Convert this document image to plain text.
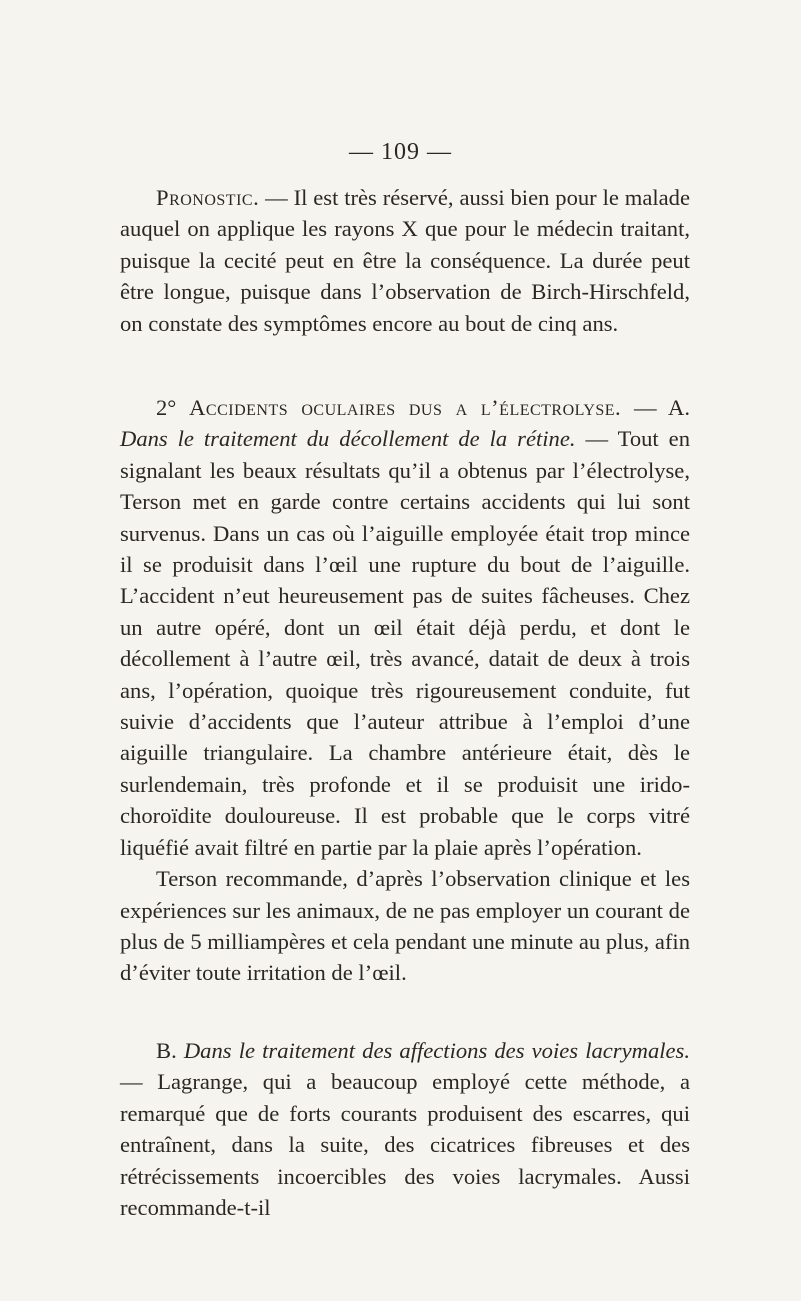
— 109 —

Pronostic. — Il est très réservé, aussi bien pour le malade auquel on applique les rayons X que pour le médecin traitant, puisque la cecité peut en être la conséquence. La durée peut être longue, puisque dans l’observation de Birch-Hirschfeld, on constate des symptômes encore au bout de cinq ans.

2° Accidents oculaires dus a l’électrolyse. — A. Dans le traitement du décollement de la rétine. — Tout en signalant les beaux résultats qu’il a obtenus par l’électrolyse, Terson met en garde contre certains accidents qui lui sont survenus. Dans un cas où l’aiguille employée était trop mince il se produisit dans l’œil une rupture du bout de l’aiguille. L’accident n’eut heureusement pas de suites fâcheuses. Chez un autre opéré, dont un œil était déjà perdu, et dont le décollement à l’autre œil, très avancé, datait de deux à trois ans, l’opération, quoique très rigoureusement conduite, fut suivie d’accidents que l’auteur attribue à l’emploi d’une aiguille triangulaire. La chambre antérieure était, dès le surlendemain, très profonde et il se produisit une irido-choroïdite douloureuse. Il est probable que le corps vitré liquéfié avait filtré en partie par la plaie après l’opération.

Terson recommande, d’après l’observation clinique et les expériences sur les animaux, de ne pas employer un courant de plus de 5 milliampères et cela pendant une minute au plus, afin d’éviter toute irritation de l’œil.

B. Dans le traitement des affections des voies lacrymales. — Lagrange, qui a beaucoup employé cette méthode, a remarqué que de forts courants produisent des escarres, qui entraînent, dans la suite, des cicatrices fibreuses et des rétrécissements incoercibles des voies lacrymales. Aussi recommande-t-il
